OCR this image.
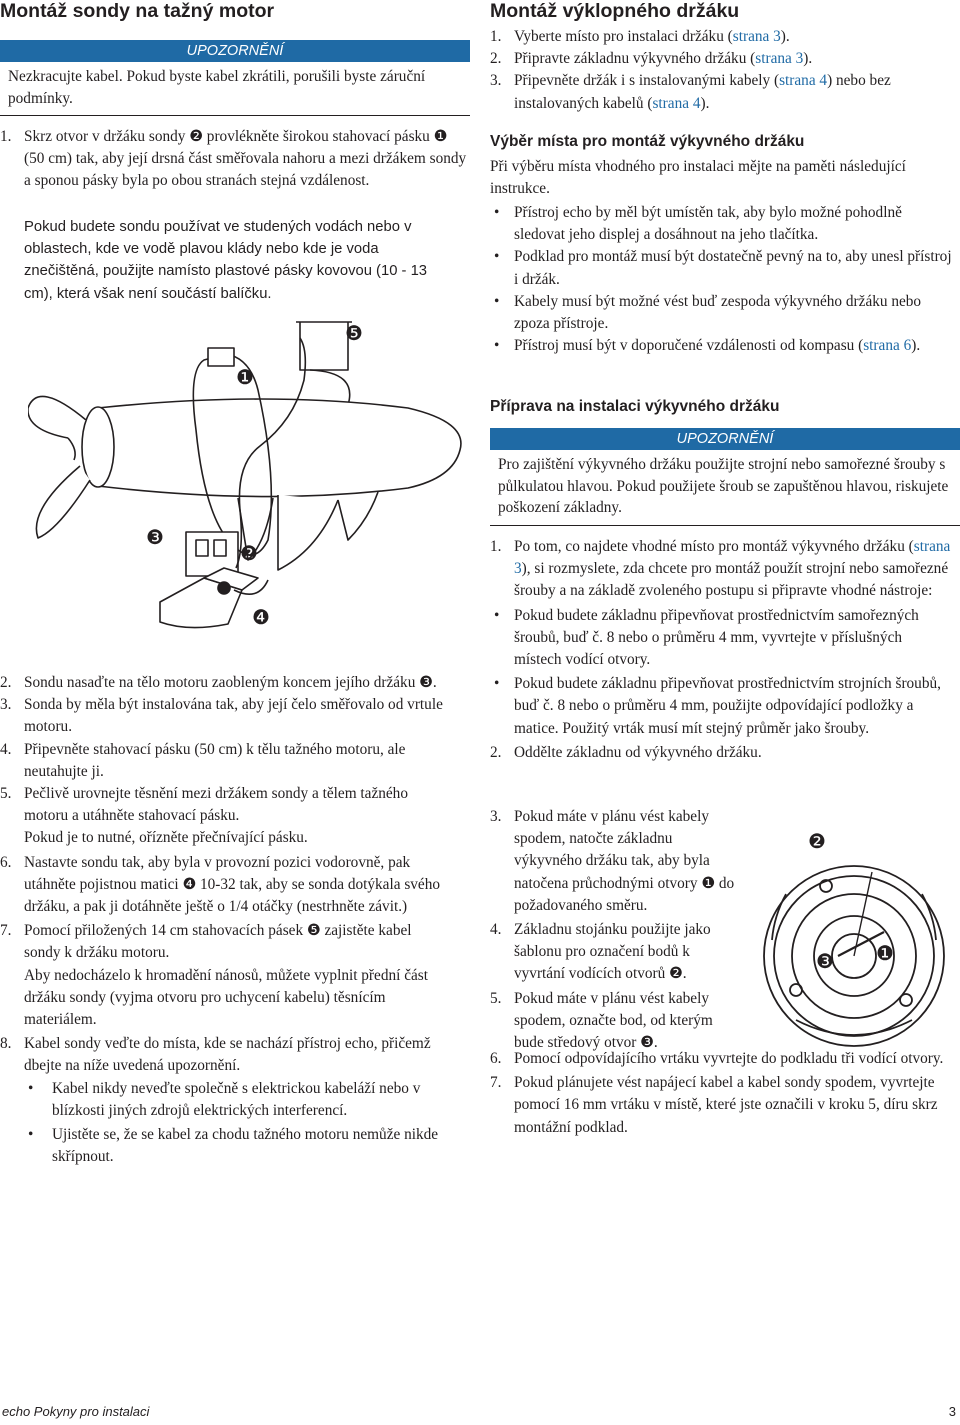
Montáž sondy na tažný motor
UPOZORNĚNÍ
Nezkracujte kabel. Pokud byste kabel zkrátili, porušili byste záruční podmínky.
1. Skrz otvor v držáku sondy ❷ provlékněte širokou stahovací pásku ❶ (50 cm) tak, aby její drsná část směřovala nahoru a mezi držákem sondy a sponou pásky byla po obou stranách stejná vzdálenost.
Pokud budete sondu používat ve studených vodách nebo v oblastech, kde ve vodě plavou klády nebo kde je voda znečištěná, použijte namísto plastové pásky kovovou (10 - 13 cm), která však není součástí balíčku.
❺
❶
❸
❷
❹
2. Sondu nasaďte na tělo motoru zaobleným koncem jejího držáku ❸.
3. Sonda by měla být instalována tak, aby její čelo směřovalo od vrtule motoru.
4. Připevněte stahovací pásku (50 cm) k tělu tažného motoru, ale neutahujte ji.
5. Pečlivě urovnejte těsnění mezi držákem sondy a tělem tažného motoru a utáhněte stahovací pásku.
Pokud je to nutné, ořízněte přečnívající pásku.
6. Nastavte sondu tak, aby byla v provozní pozici vodorovně, pak utáhněte pojistnou matici ❹ 10-32 tak, aby se sonda dotýkala svého držáku, a pak ji dotáhněte ještě o 1/4 otáčky (nestrhněte závit.)
7. Pomocí přiložených 14 cm stahovacích pásek ❺ zajistěte kabel sondy k držáku motoru.
Aby nedocházelo k hromadění nánosů, můžete vyplnit přední část držáku sondy (vyjma otvoru pro uchycení kabelu) těsnícím materiálem.
8. Kabel sondy veďte do místa, kde se nachází přístroj echo, přičemž dbejte na níže uvedená upozornění.
• Kabel nikdy neveďte společně s elektrickou kabeláží nebo v blízkosti jiných zdrojů elektrických interferencí.
• Ujistěte se, že se kabel za chodu tažného motoru nemůže nikde skřípnout.
Montáž výklopného držáku
1. Vyberte místo pro instalaci držáku (strana 3).
2. Připravte základnu výkyvného držáku (strana 3).
3. Připevněte držák i s instalovanými kabely (strana 4) nebo bez instalovaných kabelů (strana 4).
Výběr místa pro montáž výkyvného držáku
Při výběru místa vhodného pro instalaci mějte na paměti následující instrukce.
• Přístroj echo by měl být umístěn tak, aby bylo možné pohodlně sledovat jeho displej a dosáhnout na jeho tlačítka.
• Podklad pro montáž musí být dostatečně pevný na to, aby unesl přístroj i držák.
• Kabely musí být možné vést buď zespoda výkyvného držáku nebo zpoza přístroje.
• Přístroj musí být v doporučené vzdálenosti od kompasu (strana 6).
Příprava na instalaci výkyvného držáku
UPOZORNĚNÍ
Pro zajištění výkyvného držáku použijte strojní nebo samořezné šrouby s půlkulatou hlavou. Pokud použijete šroub se zapuštěnou hlavou, riskujete poškození základny.
1. Po tom, co najdete vhodné místo pro montáž výkyvného držáku (strana 3), si rozmyslete, zda chcete pro montáž použít strojní nebo samořezné šrouby a na základě zvoleného postupu si připravte vhodné nástroje:
• Pokud budete základnu připevňovat prostřednictvím samořezných šroubů, buď č. 8 nebo o průměru 4 mm, vyvrtejte v příslušných místech vodící otvory.
• Pokud budete základnu připevňovat prostřednictvím strojních šroubů, buď č. 8 nebo o průměru 4 mm, použijte odpovídající podložky a matice. Použitý vrták musí mít stejný průměr jako šrouby.
2. Oddělte základnu od výkyvného držáku.
3. Pokud máte v plánu vést kabely spodem, natočte základnu výkyvného držáku tak, aby byla natočena průchodnými otvory ❶ do požadovaného směru.
4. Základnu stojánku použijte jako šablonu pro označení bodů k vyvrtání vodících otvorů ❷.
5. Pokud máte v plánu vést kabely spodem, označte bod, od kterým bude středový otvor ❸.
❷
❸ ❶
6. Pomocí odpovídajícího vrtáku vyvrtejte do podkladu tři vodící otvory.
7. Pokud plánujete vést napájecí kabel a kabel sondy spodem, vyvrtejte pomocí 16 mm vrtáku v místě, které jste označili v kroku 5, díru skrz montážní podklad.
echo Pokyny pro instalaci	3
